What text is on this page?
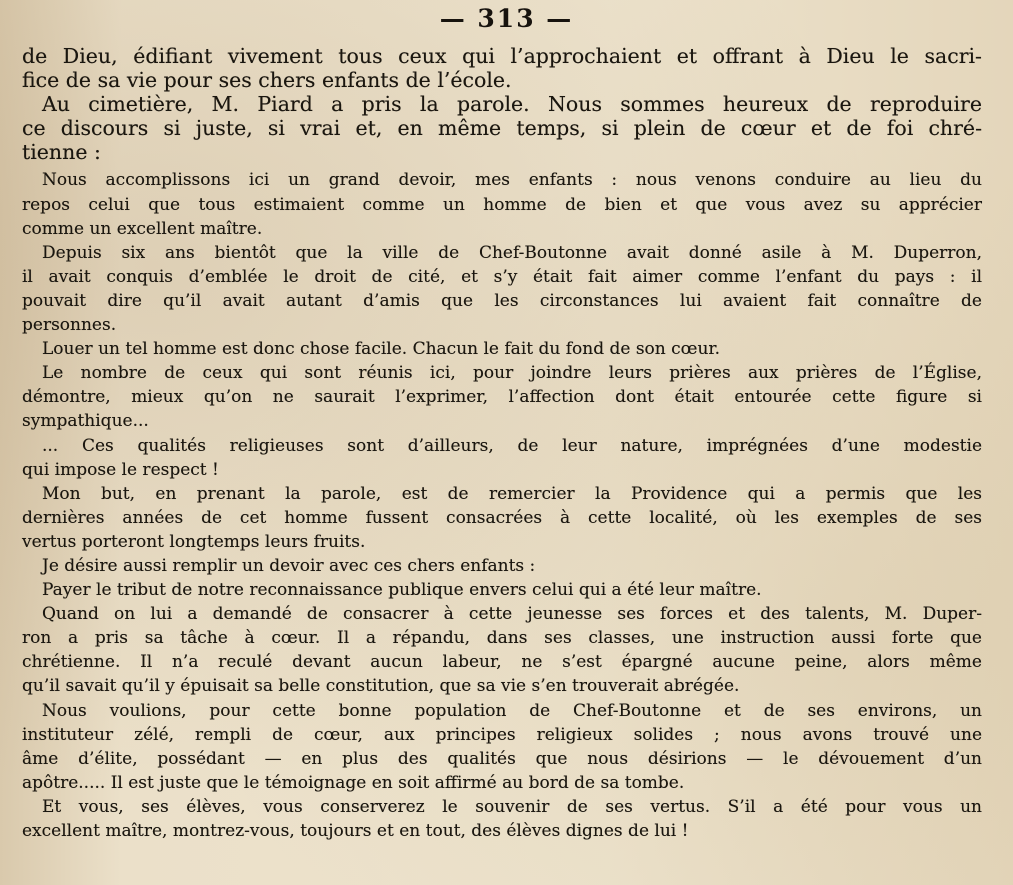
— 313 —
de Dieu, édifiant vivement tous ceux qui l’approchaient et offrant à Dieu le sacri-
fice de sa vie pour ses chers enfants de l’école.
Au cimetière, M. Piard a pris la parole. Nous sommes heureux de reproduire
ce discours si juste, si vrai et, en même temps, si plein de cœur et de foi chré-
tienne :
Nous accomplissons ici un grand devoir, mes enfants : nous venons conduire au lieu du
repos celui que tous estimaient comme un homme de bien et que vous avez su apprécier
comme un excellent maître.
Depuis six ans bientôt que la ville de Chef-Boutonne avait donné asile à M. Duperron,
il avait conquis d’emblée le droit de cité, et s’y était fait aimer comme l’enfant du pays : il
pouvait dire qu’il avait autant d’amis que les circonstances lui avaient fait connaître de
personnes.
Louer un tel homme est donc chose facile. Chacun le fait du fond de son cœur.
Le nombre de ceux qui sont réunis ici, pour joindre leurs prières aux prières de l’Église,
démontre, mieux qu’on ne saurait l’exprimer, l’affection dont était entourée cette figure si
sympathique...
... Ces qualités religieuses sont d’ailleurs, de leur nature, imprégnées d’une modestie
qui impose le respect !
Mon but, en prenant la parole, est de remercier la Providence qui a permis que les
dernières années de cet homme fussent consacrées à cette localité, où les exemples de ses
vertus porteront longtemps leurs fruits.
Je désire aussi remplir un devoir avec ces chers enfants :
Payer le tribut de notre reconnaissance publique envers celui qui a été leur maître.
Quand on lui a demandé de consacrer à cette jeunesse ses forces et des talents, M. Duper-
ron a pris sa tâche à cœur. Il a répandu, dans ses classes, une instruction aussi forte que
chrétienne. Il n’a reculé devant aucun labeur, ne s’est épargné aucune peine, alors même
qu’il savait qu’il y épuisait sa belle constitution, que sa vie s’en trouverait abrégée.
Nous voulions, pour cette bonne population de Chef-Boutonne et de ses environs, un
instituteur zélé, rempli de cœur, aux principes religieux solides ; nous avons trouvé une
âme d’élite, possédant — en plus des qualités que nous désirions — le dévouement d’un
apôtre..... Il est juste que le témoignage en soit affirmé au bord de sa tombe.
Et vous, ses élèves, vous conserverez le souvenir de ses vertus. S’il a été pour vous un
excellent maître, montrez-vous, toujours et en tout, des élèves dignes de lui !
